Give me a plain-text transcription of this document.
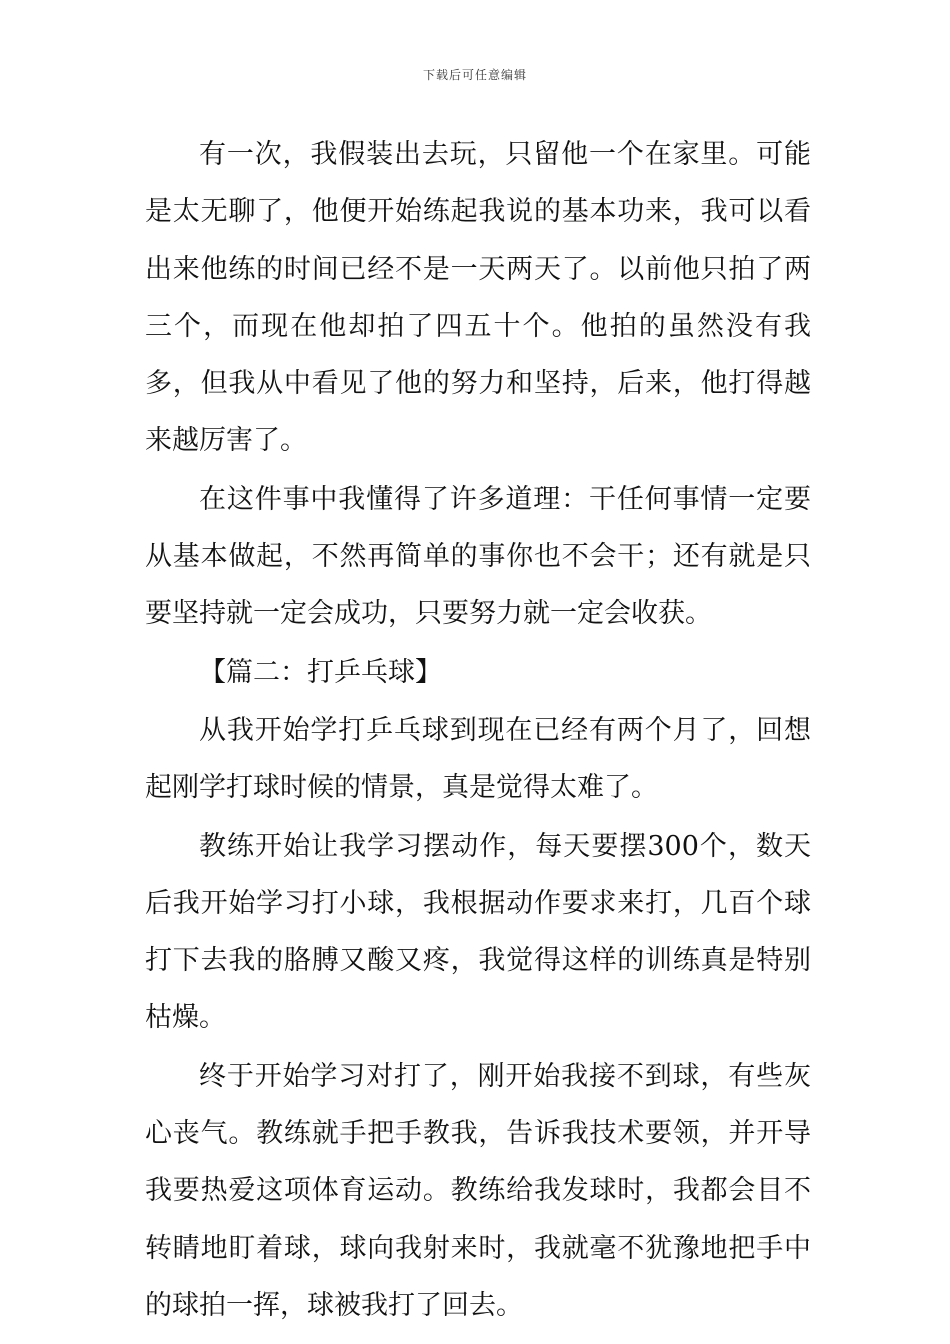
下载后可任意编辑

有一次，我假装出去玩，只留他一个在家里。可能是太无聊了，他便开始练起我说的基本功来，我可以看出来他练的时间已经不是一天两天了。以前他只拍了两三个，而现在他却拍了四五十个。他拍的虽然没有我多，但我从中看见了他的努力和坚持，后来，他打得越来越厉害了。

在这件事中我懂得了许多道理：干任何事情一定要从基本做起，不然再简单的事你也不会干；还有就是只要坚持就一定会成功，只要努力就一定会收获。

【篇二：打乒乓球】

从我开始学打乒乓球到现在已经有两个月了，回想起刚学打球时候的情景，真是觉得太难了。

教练开始让我学习摆动作，每天要摆300个，数天后我开始学习打小球，我根据动作要求来打，几百个球打下去我的胳膊又酸又疼，我觉得这样的训练真是特别枯燥。

终于开始学习对打了，刚开始我接不到球，有些灰心丧气。教练就手把手教我，告诉我技术要领，并开导我要热爱这项体育运动。教练给我发球时，我都会目不转睛地盯着球，球向我射来时，我就毫不犹豫地把手中的球拍一挥，球被我打了回去。
